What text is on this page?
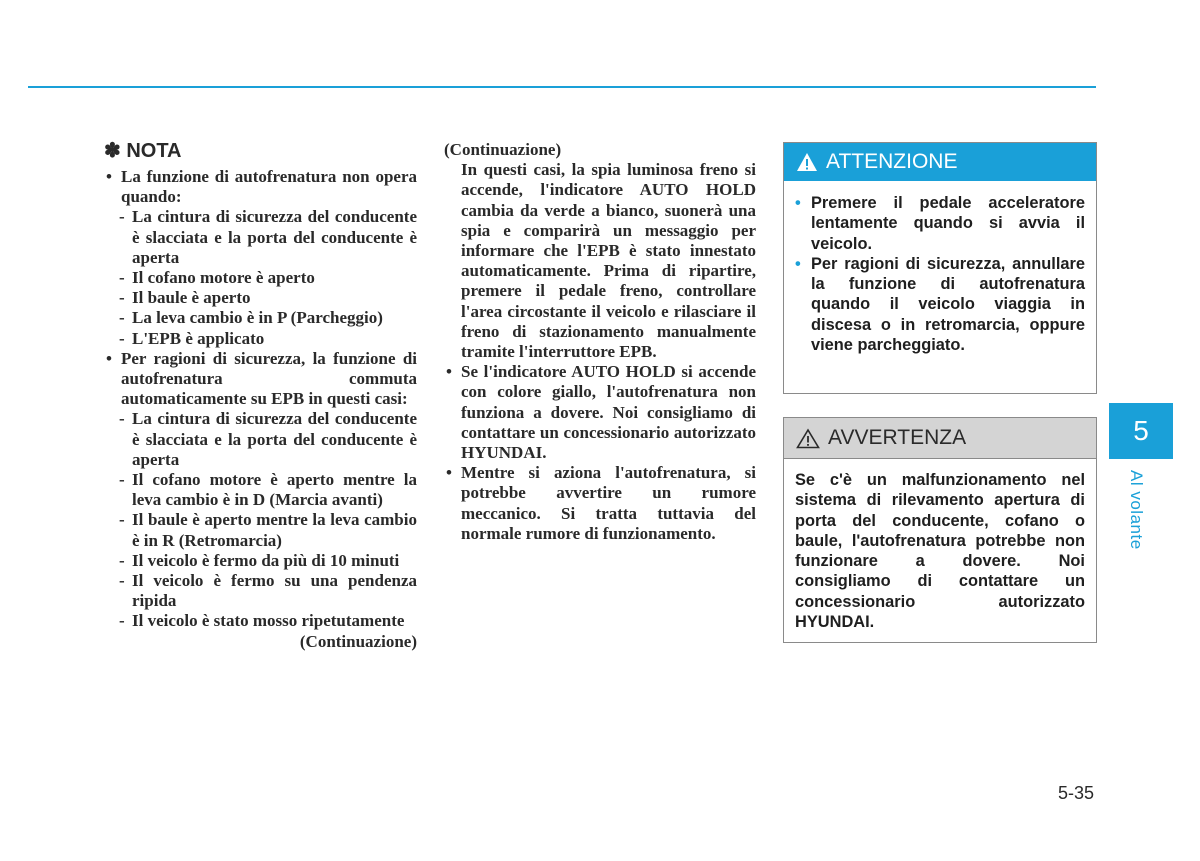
✽ NOTA
• La funzione di autofrenatura non opera quando:
- La cintura di sicurezza del conducente è slacciata e la porta del conducente è aperta
- Il cofano motore è aperto
- Il baule è aperto
- La leva cambio è in P (Parcheggio)
- L'EPB è applicato
• Per ragioni di sicurezza, la funzione di autofrenatura commuta automaticamente su EPB in questi casi:
- La cintura di sicurezza del conducente è slacciata e la porta del conducente è aperta
- Il cofano motore è aperto mentre la leva cambio è in D (Marcia avanti)
- Il baule è aperto mentre la leva cambio è in R (Retromarcia)
- Il veicolo è fermo da più di 10 minuti
- Il veicolo è fermo su una pendenza ripida
- Il veicolo è stato mosso ripetutamente
(Continuazione)
(Continuazione)
In questi casi, la spia luminosa freno si accende, l'indicatore AUTO HOLD cambia da verde a bianco, suonerà una spia e comparirà un messaggio per informare che l'EPB è stato innestato automaticamente. Prima di ripartire, premere il pedale freno, controllare l'area circostante il veicolo e rilasciare il freno di stazionamento manualmente tramite l'interruttore EPB.
• Se l'indicatore AUTO HOLD si accende con colore giallo, l'autofrenatura non funziona a dovere. Noi consigliamo di contattare un concessionario autorizzato HYUNDAI.
• Mentre si aziona l'autofrenatura, si potrebbe avvertire un rumore meccanico. Si tratta tuttavia del normale rumore di funzionamento.
ATTENZIONE
• Premere il pedale acceleratore lentamente quando si avvia il veicolo.
• Per ragioni di sicurezza, annullare la funzione di autofrenatura quando il veicolo viaggia in discesa o in retromarcia, oppure viene parcheggiato.
AVVERTENZA
Se c'è un malfunzionamento nel sistema di rilevamento apertura di porta del conducente, cofano o baule, l'autofrenatura potrebbe non funzionare a dovere. Noi consigliamo di contattare un concessionario autorizzato HYUNDAI.
5
Al volante
5-35
